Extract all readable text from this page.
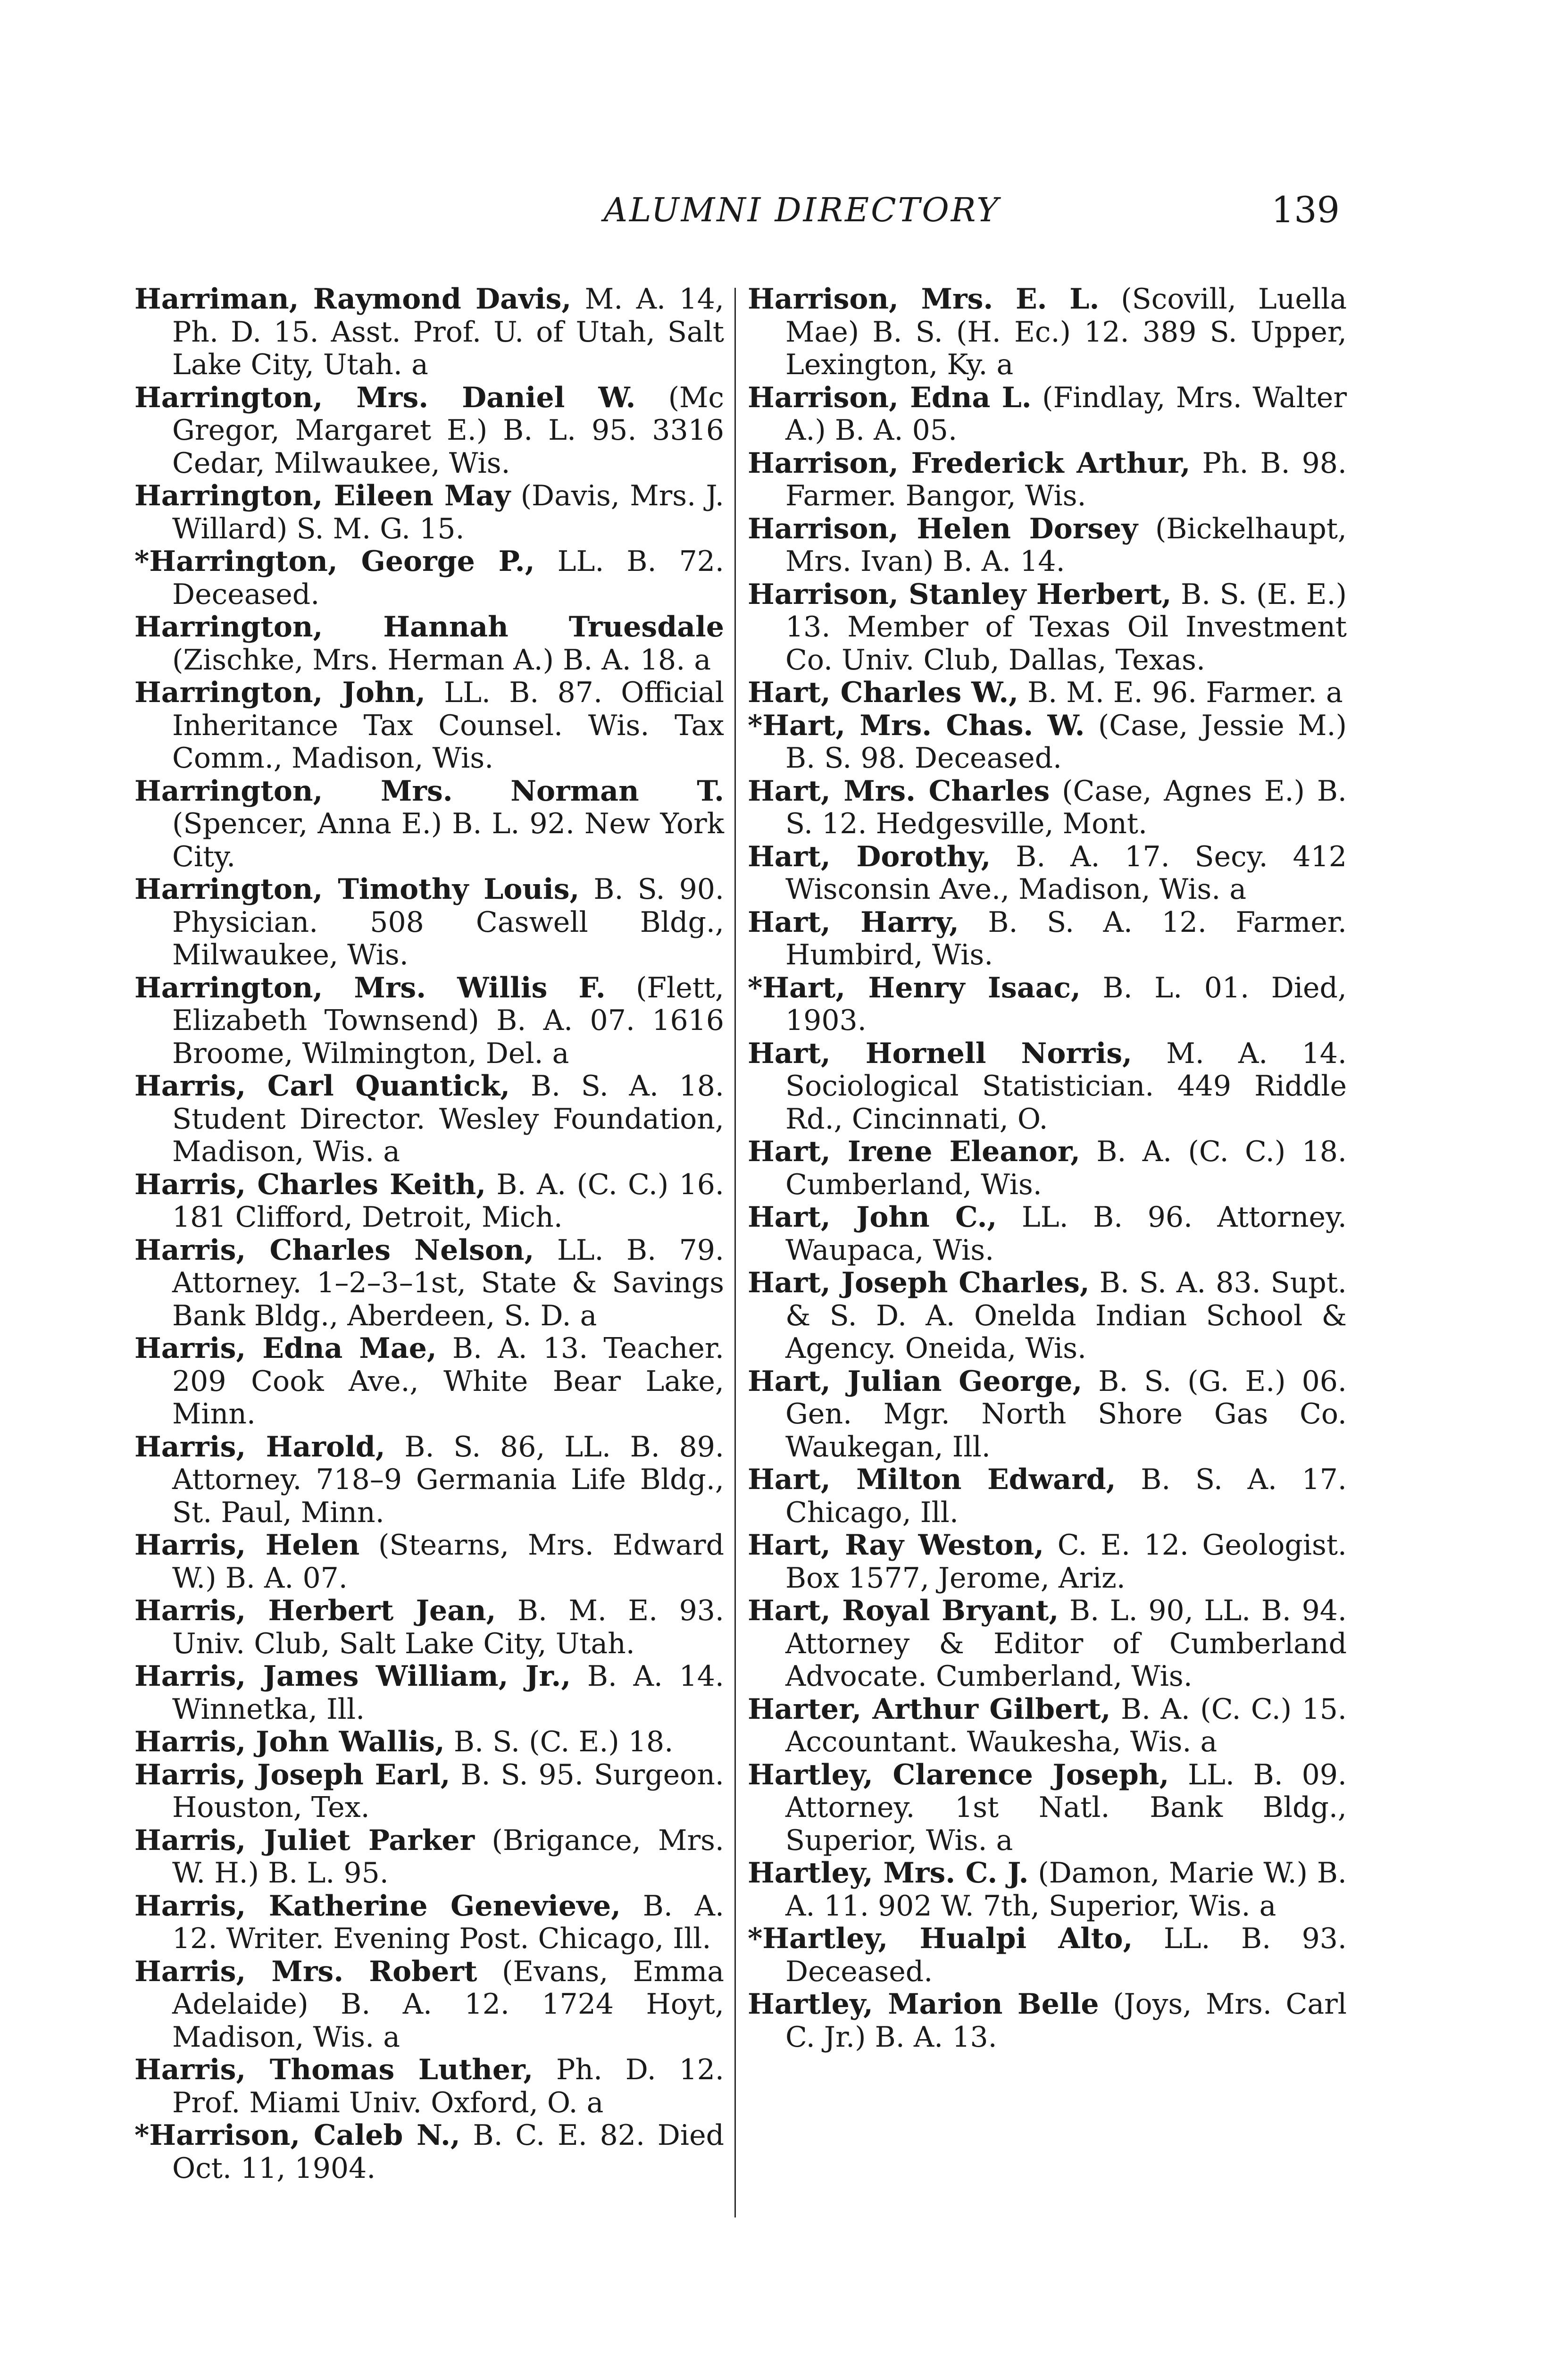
ALUMNI DIRECTORY	139
Harriman, Raymond Davis, M. A. 14, Ph. D. 15. Asst. Prof. U. of Utah, Salt Lake City, Utah. a
Harrington, Mrs. Daniel W. (Mc Gregor, Margaret E.) B. L. 95. 3316 Cedar, Milwaukee, Wis.
Harrington, Eileen May (Davis, Mrs. J. Willard) S. M. G. 15.
*Harrington, George P., LL. B. 72. Deceased.
Harrington, Hannah Truesdale (Zischke, Mrs. Herman A.) B. A. 18. a
Harrington, John, LL. B. 87. Official Inheritance Tax Counsel. Wis. Tax Comm., Madison, Wis.
Harrington, Mrs. Norman T. (Spencer, Anna E.) B. L. 92. New York City.
Harrington, Timothy Louis, B. S. 90. Physician. 508 Caswell Bldg., Milwaukee, Wis.
Harrington, Mrs. Willis F. (Flett, Elizabeth Townsend) B. A. 07. 1616 Broome, Wilmington, Del. a
Harris, Carl Quantick, B. S. A. 18. Student Director. Wesley Foundation, Madison, Wis. a
Harris, Charles Keith, B. A. (C. C.) 16. 181 Clifford, Detroit, Mich.
Harris, Charles Nelson, LL. B. 79. Attorney. 1–2–3–1st, State & Savings Bank Bldg., Aberdeen, S. D. a
Harris, Edna Mae, B. A. 13. Teacher. 209 Cook Ave., White Bear Lake, Minn.
Harris, Harold, B. S. 86, LL. B. 89. Attorney. 718–9 Germania Life Bldg., St. Paul, Minn.
Harris, Helen (Stearns, Mrs. Edward W.) B. A. 07.
Harris, Herbert Jean, B. M. E. 93. Univ. Club, Salt Lake City, Utah.
Harris, James William, Jr., B. A. 14. Winnetka, Ill.
Harris, John Wallis, B. S. (C. E.) 18.
Harris, Joseph Earl, B. S. 95. Surgeon. Houston, Tex.
Harris, Juliet Parker (Brigance, Mrs. W. H.) B. L. 95.
Harris, Katherine Genevieve, B. A. 12. Writer. Evening Post. Chicago, Ill.
Harris, Mrs. Robert (Evans, Emma Adelaide) B. A. 12. 1724 Hoyt, Madison, Wis. a
Harris, Thomas Luther, Ph. D. 12. Prof. Miami Univ. Oxford, O. a
*Harrison, Caleb N., B. C. E. 82. Died Oct. 11, 1904.
Harrison, Mrs. E. L. (Scovill, Luella Mae) B. S. (H. Ec.) 12. 389 S. Upper, Lexington, Ky. a
Harrison, Edna L. (Findlay, Mrs. Walter A.) B. A. 05.
Harrison, Frederick Arthur, Ph. B. 98. Farmer. Bangor, Wis.
Harrison, Helen Dorsey (Bickelhaupt, Mrs. Ivan) B. A. 14.
Harrison, Stanley Herbert, B. S. (E. E.) 13. Member of Texas Oil Investment Co. Univ. Club, Dallas, Texas.
Hart, Charles W., B. M. E. 96. Farmer. a
*Hart, Mrs. Chas. W. (Case, Jessie M.) B. S. 98. Deceased.
Hart, Mrs. Charles (Case, Agnes E.) B. S. 12. Hedgesville, Mont.
Hart, Dorothy, B. A. 17. Secy. 412 Wisconsin Ave., Madison, Wis. a
Hart, Harry, B. S. A. 12. Farmer. Humbird, Wis.
*Hart, Henry Isaac, B. L. 01. Died, 1903.
Hart, Hornell Norris, M. A. 14. Sociological Statistician. 449 Riddle Rd., Cincinnati, O.
Hart, Irene Eleanor, B. A. (C. C.) 18. Cumberland, Wis.
Hart, John C., LL. B. 96. Attorney. Waupaca, Wis.
Hart, Joseph Charles, B. S. A. 83. Supt. & S. D. A. Onelda Indian School & Agency. Oneida, Wis.
Hart, Julian George, B. S. (G. E.) 06. Gen. Mgr. North Shore Gas Co. Waukegan, Ill.
Hart, Milton Edward, B. S. A. 17. Chicago, Ill.
Hart, Ray Weston, C. E. 12. Geologist. Box 1577, Jerome, Ariz.
Hart, Royal Bryant, B. L. 90, LL. B. 94. Attorney & Editor of Cumberland Advocate. Cumberland, Wis.
Harter, Arthur Gilbert, B. A. (C. C.) 15. Accountant. Waukesha, Wis. a
Hartley, Clarence Joseph, LL. B. 09. Attorney. 1st Natl. Bank Bldg., Superior, Wis. a
Hartley, Mrs. C. J. (Damon, Marie W.) B. A. 11. 902 W. 7th, Superior, Wis. a
*Hartley, Hualpi Alto, LL. B. 93. Deceased.
Hartley, Marion Belle (Joys, Mrs. Carl C. Jr.) B. A. 13.
